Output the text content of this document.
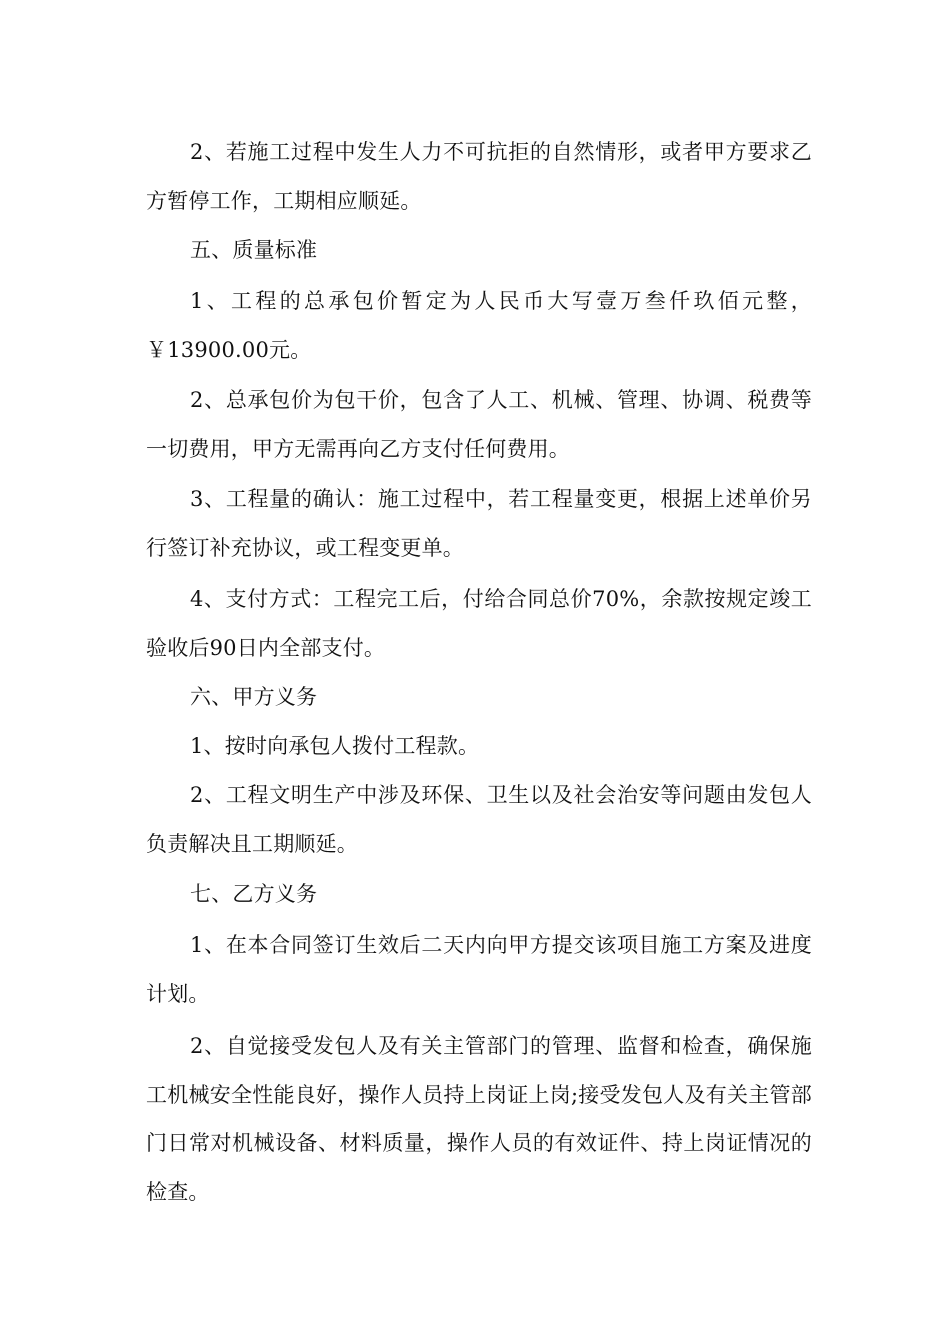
2、若施工过程中发生人力不可抗拒的自然情形，或者甲方要求乙方暂停工作，工期相应顺延。

五、质量标准

1、工程的总承包价暂定为人民币大写壹万叁仟玖佰元整，￥13900.00元。

2、总承包价为包干价，包含了人工、机械、管理、协调、税费等一切费用，甲方无需再向乙方支付任何费用。

3、工程量的确认：施工过程中，若工程量变更，根据上述单价另行签订补充协议，或工程变更单。

4、支付方式：工程完工后，付给合同总价70%，余款按规定竣工验收后90日内全部支付。

六、甲方义务

1、按时向承包人拨付工程款。

2、工程文明生产中涉及环保、卫生以及社会治安等问题由发包人负责解决且工期顺延。

七、乙方义务

1、在本合同签订生效后二天内向甲方提交该项目施工方案及进度计划。

2、自觉接受发包人及有关主管部门的管理、监督和检查，确保施工机械安全性能良好，操作人员持上岗证上岗;接受发包人及有关主管部门日常对机械设备、材料质量，操作人员的有效证件、持上岗证情况的检查。
